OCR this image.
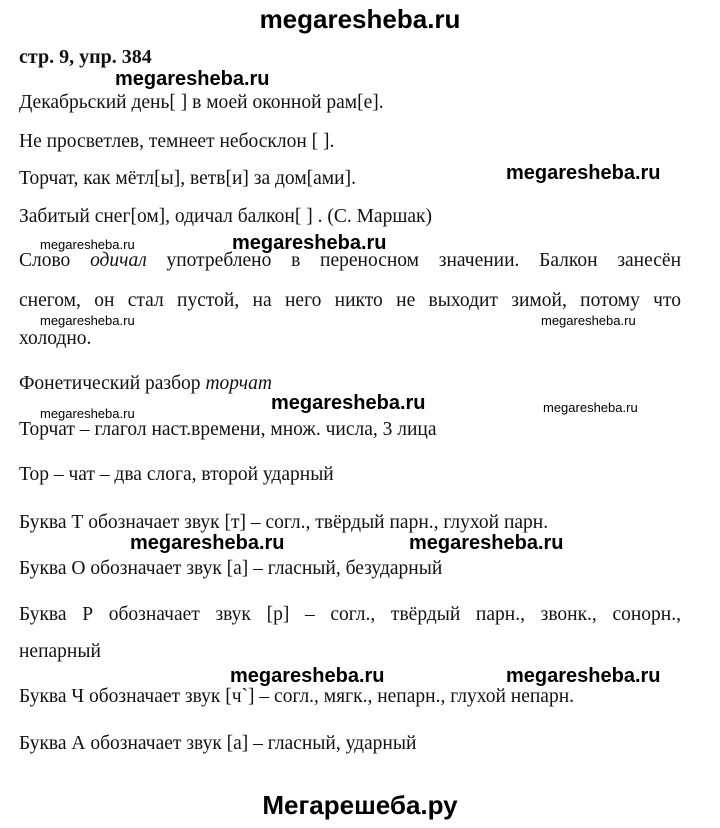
megaresheba.ru
стр. 9, упр. 384
megaresheba.ru
megaresheba.ru
megaresheba.ru	megaresheba.ru
megaresheba.ru	megaresheba.ru
megaresheba.ru	megaresheba.ru	megaresheba.ru
megaresheba.ru	megaresheba.ru
megaresheba.ru	megaresheba.ru
Декабрьский день[ ] в моей оконной рам[е].
Не просветлев, темнеет небосклон [ ].
Торчат, как мётл[ы], ветв[и] за дом[ами].
Забитый снег[ом], одичал балкон[ ] . (С. Маршак)
Слово одичал употреблено в переносном значении. Балкон занесён
снегом, он стал пустой, на него никто не выходит зимой, потому что
холодно.
Фонетический разбор торчат
Торчат – глагол наст.времени, множ. числа, 3 лица
Тор – чат – два слога, второй ударный
Буква Т обозначает звук [т] – согл., твёрдый парн., глухой парн.
Буква О обозначает звук [а] – гласный, безударный
Буква Р обозначает звук [р] – согл., твёрдый парн., звонк., сонорн.,
непарный
Буква Ч обозначает звук [ч`] – согл., мягк., непарн., глухой непарн.
Буква А обозначает звук [а] – гласный, ударный
Мегарешеба.ру
